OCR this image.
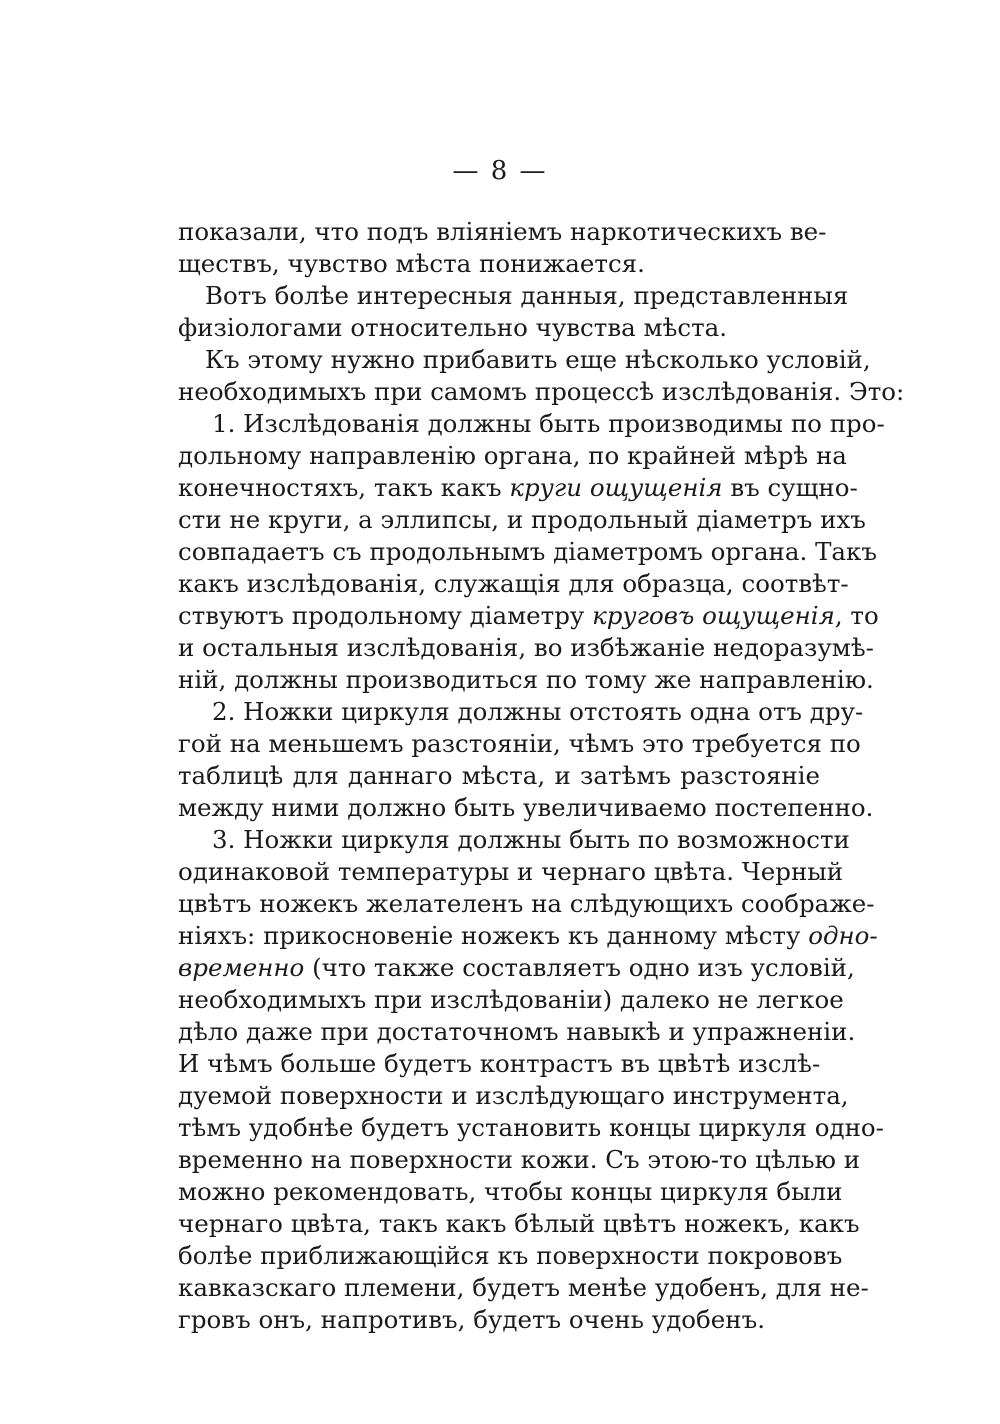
— 8 —
показали, что подъ вліяніемъ наркотическихъ ве-
ществъ, чувство мѣста понижается.
Вотъ болѣе интересныя данныя, представленныя
физіологами относительно чувства мѣста.
Къ этому нужно прибавить еще нѣсколько условій,
необходимыхъ при самомъ процессѣ изслѣдованія. Это:
1. Изслѣдованія должны быть производимы по про-
дольному направленію органа, по крайней мѣрѣ на
конечностяхъ, такъ какъ круги ощущенія въ сущно-
сти не круги, а эллипсы, и продольный діаметръ ихъ
совпадаетъ съ продольнымъ діаметромъ органа. Такъ
какъ изслѣдованія, служащія для образца, соотвѣт-
ствуютъ продольному діаметру круговъ ощущенія, то
и остальныя изслѣдованія, во избѣжаніе недоразумѣ-
ній, должны производиться по тому же направленію.
2. Ножки циркуля должны отстоять одна отъ дру-
гой на меньшемъ разстояніи, чѣмъ это требуется по
таблицѣ для даннаго мѣста, и затѣмъ разстояніе
между ними должно быть увеличиваемо постепенно.
3. Ножки циркуля должны быть по возможности
одинаковой температуры и чернаго цвѣта. Черный
цвѣтъ ножекъ желателенъ на слѣдующихъ соображе-
ніяхъ: прикосновеніе ножекъ къ данному мѣсту одно-
временно (что также составляетъ одно изъ условій,
необходимыхъ при изслѣдованіи) далеко не легкое
дѣло даже при достаточномъ навыкѣ и упражненіи.
И чѣмъ больше будетъ контрастъ въ цвѣтѣ изслѣ-
дуемой поверхности и изслѣдующаго инструмента,
тѣмъ удобнѣе будетъ установить концы циркуля одно-
временно на поверхности кожи. Съ этою-то цѣлью и
можно рекомендовать, чтобы концы циркуля были
чернаго цвѣта, такъ какъ бѣлый цвѣтъ ножекъ, какъ
болѣе приближающійся къ поверхности покрововъ
кавказскаго племени, будетъ менѣе удобенъ, для не-
гровъ онъ, напротивъ, будетъ очень удобенъ.
